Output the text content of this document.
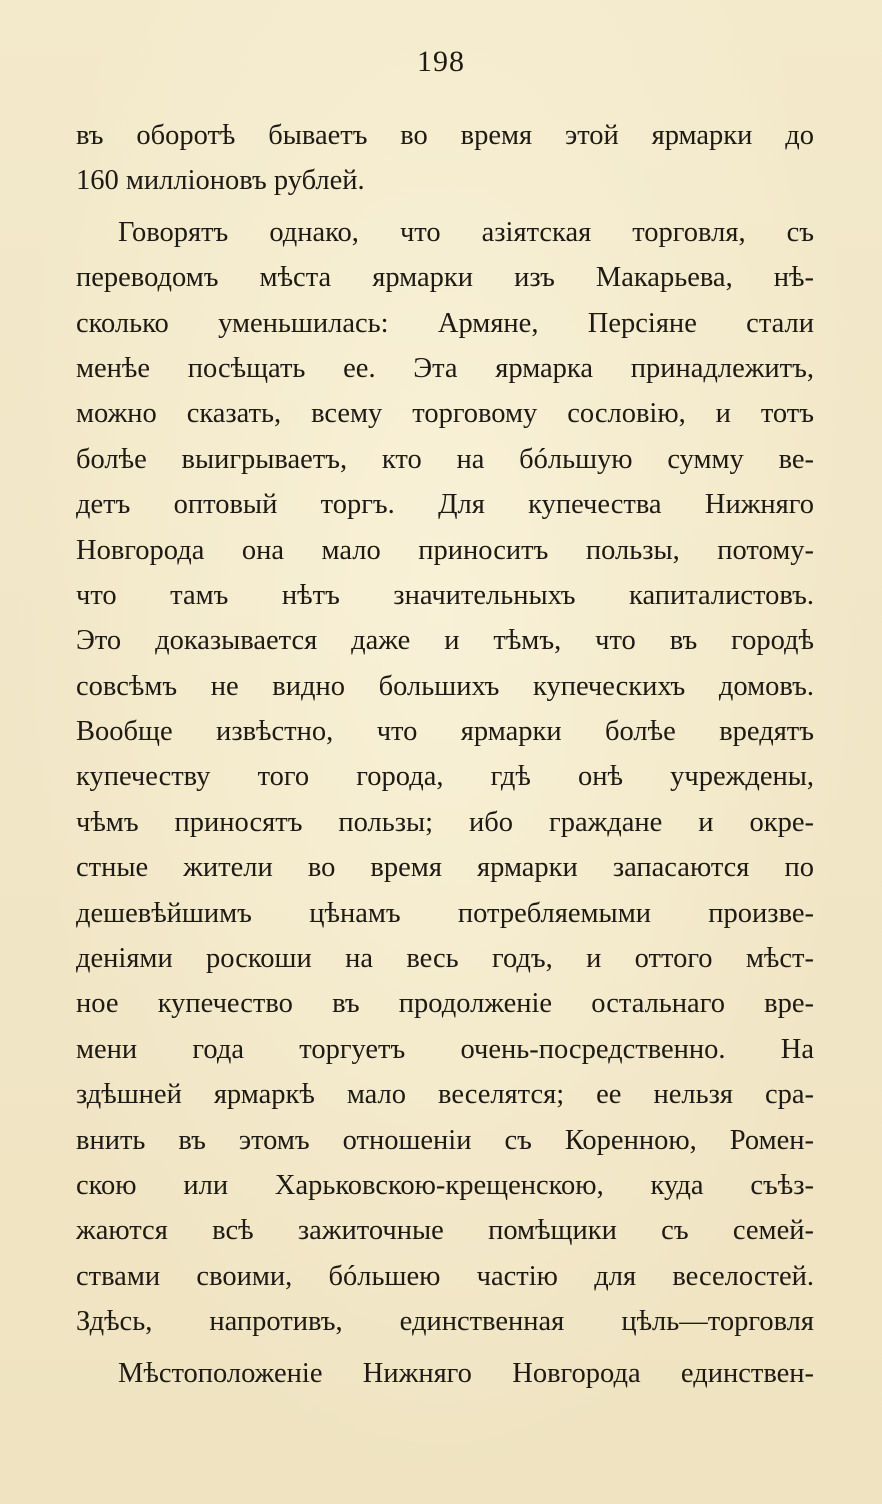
198
въ оборотѣ бываетъ во время этой ярмарки до
160 милліоновъ рублей.
Говорятъ однако, что азіятская торговля, съ
переводомъ мѣста ярмарки изъ Макарьева, нѣ-
сколько уменьшилась: Армяне, Персіяне стали
менѣе посѣщать ее. Эта ярмарка принадлежитъ,
можно сказать, всему торговому сословію, и тотъ
болѣе выигрываетъ, кто на бóльшую сумму ве-
детъ оптовый торгъ. Для купечества Нижняго
Новгорода она мало приноситъ пользы, потому-
что тамъ нѣтъ значительныхъ капиталистовъ.
Это доказывается даже и тѣмъ, что въ городѣ
совсѣмъ не видно большихъ купеческихъ домовъ.
Вообще извѣстно, что ярмарки болѣе вредятъ
купечеству того города, гдѣ онѣ учреждены,
чѣмъ приносятъ пользы; ибо граждане и окре-
стные жители во время ярмарки запасаются по
дешевѣйшимъ цѣнамъ потребляемыми произве-
деніями роскоши на весь годъ, и оттого мѣст-
ное купечество въ продолженіе остальнаго вре-
мени года торгуетъ очень-посредственно. На
здѣшней ярмаркѣ мало веселятся; ее нельзя сра-
внить въ этомъ отношеніи съ Коренною, Ромен-
скою или Харьковскою-крещенскою, куда съѣз-
жаются всѣ зажиточные помѣщики съ семей-
ствами своими, бóльшею частію для веселостей.
Здѣсь, напротивъ, единственная цѣль—торговля
Мѣстоположеніе Нижняго Новгорода единствен-
